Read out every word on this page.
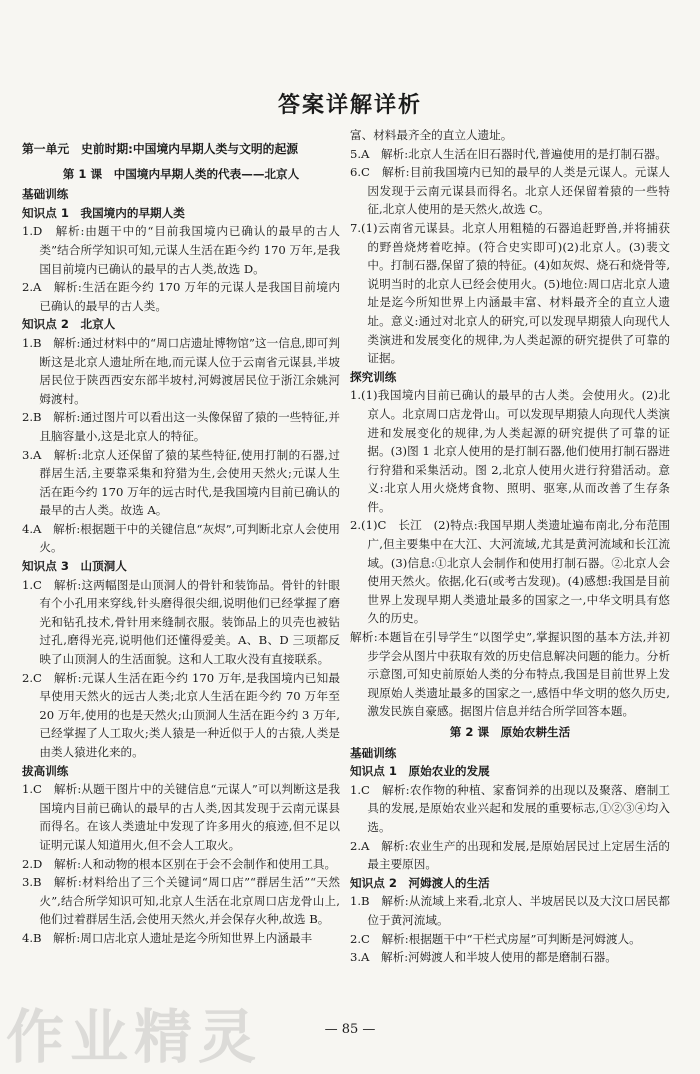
答案详解详析
第一单元　史前时期:中国境内早期人类与文明的起源
第 1 课　中国境内早期人类的代表——北京人
基础训练
知识点 1　我国境内的早期人类
1.D　解析:由题干中的“目前我国境内已确认的最早的古人类”结合所学知识可知,元谋人生活在距今约 170 万年,是我国目前境内已确认的最早的古人类,故选 D。
2.A　解析:生活在距今约 170 万年的元谋人是我国目前境内已确认的最早的古人类。
知识点 2　北京人
1.B　解析:通过材料中的“周口店遗址博物馆”这一信息,即可判断这是北京人遗址所在地,而元谋人位于云南省元谋县,半坡居民位于陕西西安东部半坡村,河姆渡居民位于浙江余姚河姆渡村。
2.B　解析:通过图片可以看出这一头像保留了猿的一些特征,并且脑容量小,这是北京人的特征。
3.A　解析:北京人还保留了猿的某些特征,使用打制的石器,过群居生活,主要靠采集和狩猎为生,会使用天然火;元谋人生活在距今约 170 万年的远古时代,是我国境内目前已确认的最早的古人类。故选 A。
4.A　解析:根据题干中的关键信息“灰烬”,可判断北京人会使用火。
知识点 3　山顶洞人
1.C　解析:这两幅图是山顶洞人的骨针和装饰品。骨针的针眼有个小孔用来穿线,针头磨得很尖细,说明他们已经掌握了磨光和钻孔技术,骨针用来缝制衣服。装饰品上的贝壳也被钻过孔,磨得光亮,说明他们还懂得爱美。A、B、D 三项都反映了山顶洞人的生活面貌。这和人工取火没有直接联系。
2.C　解析:元谋人生活在距今约 170 万年,是我国境内已知最早使用天然火的远古人类;北京人生活在距今约 70 万年至 20 万年,使用的也是天然火;山顶洞人生活在距今约 3 万年,已经掌握了人工取火;类人猿是一种近似于人的古猿,人类是由类人猿进化来的。
拔高训练
1.C　解析:从题干图片中的关键信息“元谋人”可以判断这是我国境内目前已确认的最早的古人类,因其发现于云南元谋县而得名。在该人类遗址中发现了许多用火的痕迹,但不足以证明元谋人知道用火,但不会人工取火。
2.D　解析:人和动物的根本区别在于会不会制作和使用工具。
3.B　解析:材料给出了三个关键词“周口店”“群居生活”“天然火”,结合所学知识可知,北京人生活在北京周口店龙骨山上,他们过着群居生活,会使用天然火,并会保存火种,故选 B。
4.B　解析:周口店北京人遗址是迄今所知世界上内涵最丰
富、材料最齐全的直立人遗址。
5.A　解析:北京人生活在旧石器时代,普遍使用的是打制石器。
6.C　解析:目前我国境内已知的最早的人类是元谋人。元谋人因发现于云南元谋县而得名。北京人还保留着猿的一些特征,北京人使用的是天然火,故选 C。
7.(1)云南省元谋县。北京人用粗糙的石器追赶野兽,并将捕获的野兽烧烤着吃掉。(符合史实即可)(2)北京人。(3)裴文中。打制石器,保留了猿的特征。(4)如灰烬、烧石和烧骨等,说明当时的北京人已经会使用火。(5)地位:周口店北京人遗址是迄今所知世界上内涵最丰富、材料最齐全的直立人遗址。意义:通过对北京人的研究,可以发现早期猿人向现代人类演进和发展变化的规律,为人类起源的研究提供了可靠的证据。
探究训练
1.(1)我国境内目前已确认的最早的古人类。会使用火。(2)北京人。北京周口店龙骨山。可以发现早期猿人向现代人类演进和发展变化的规律,为人类起源的研究提供了可靠的证据。(3)图 1 北京人使用的是打制石器,他们使用打制石器进行狩猎和采集活动。图 2,北京人使用火进行狩猎活动。意义:北京人用火烧烤食物、照明、驱寒,从而改善了生存条件。
2.(1)C　长江　(2)特点:我国早期人类遗址遍布南北,分布范围广,但主要集中在大江、大河流域,尤其是黄河流域和长江流域。(3)信息:①北京人会制作和使用打制石器。②北京人会使用天然火。依据,化石(或考古发现)。(4)感想:我国是目前世界上发现早期人类遗址最多的国家之一,中华文明具有悠久的历史。
解析:本题旨在引导学生“以图学史”,掌握识图的基本方法,并初步学会从图片中获取有效的历史信息解决问题的能力。分析示意图,可知史前原始人类的分布特点,我国是目前世界上发现原始人类遗址最多的国家之一,感悟中华文明的悠久历史,激发民族自豪感。据图片信息并结合所学回答本题。
第 2 课　原始农耕生活
基础训练
知识点 1　原始农业的发展
1.C　解析:农作物的种植、家畜饲养的出现以及聚落、磨制工具的发展,是原始农业兴起和发展的重要标志,①②③④均入选。
2.A　解析:农业生产的出现和发展,是原始居民过上定居生活的最主要原因。
知识点 2　河姆渡人的生活
1.B　解析:从流域上来看,北京人、半坡居民以及大汶口居民都位于黄河流域。
2.C　解析:根据题干中“干栏式房屋”可判断是河姆渡人。
3.A　解析:河姆渡人和半坡人使用的都是磨制石器。
作业精灵	— 85 —
